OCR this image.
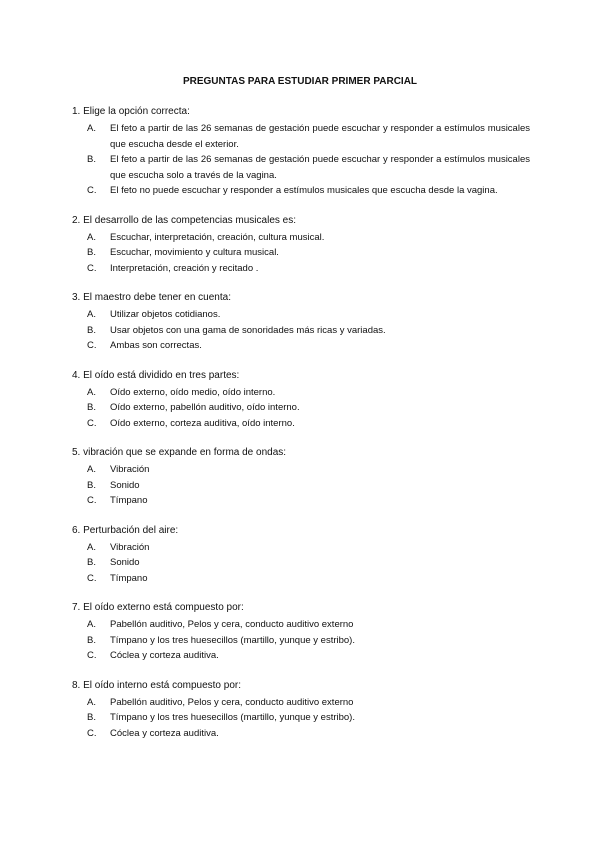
PREGUNTAS PARA ESTUDIAR PRIMER PARCIAL
1. Elige la opción correcta:
A.	El feto a partir de las 26 semanas de gestación puede escuchar y responder a estímulos musicales que escucha desde el exterior.
B.	El feto a partir de las 26 semanas de gestación puede escuchar y responder a estímulos musicales que escucha solo a través de la vagina.
C.	El feto no puede escuchar y responder a estímulos musicales que escucha desde la vagina.
2. El desarrollo de las competencias musicales es:
A.	Escuchar, interpretación, creación, cultura musical.
B.	Escuchar, movimiento y cultura musical.
C.	Interpretación, creación y recitado .
3. El maestro debe tener en cuenta:
A.	Utilizar objetos cotidianos.
B.	Usar objetos con una gama de sonoridades más ricas y variadas.
C.	Ambas son correctas.
4. El oído está dividido en tres partes:
A.	Oído externo, oído medio, oído interno.
B.	Oído externo, pabellón auditivo, oído interno.
C.	Oído externo, corteza auditiva, oído interno.
5. vibración que se expande en forma de ondas:
A.	Vibración
B.	Sonido
C.	Tímpano
6. Perturbación del aire:
A.	Vibración
B.	Sonido
C.	Tímpano
7. El oído externo está compuesto por:
A.	Pabellón auditivo, Pelos y cera, conducto auditivo externo
B.	Tímpano y los tres huesecillos (martillo, yunque y estribo).
C.	Cóclea y corteza auditiva.
8. El oído interno está compuesto por:
A.	Pabellón auditivo, Pelos y cera, conducto auditivo externo
B.	Tímpano y los tres huesecillos (martillo, yunque y estribo).
C.	Cóclea y corteza auditiva.
